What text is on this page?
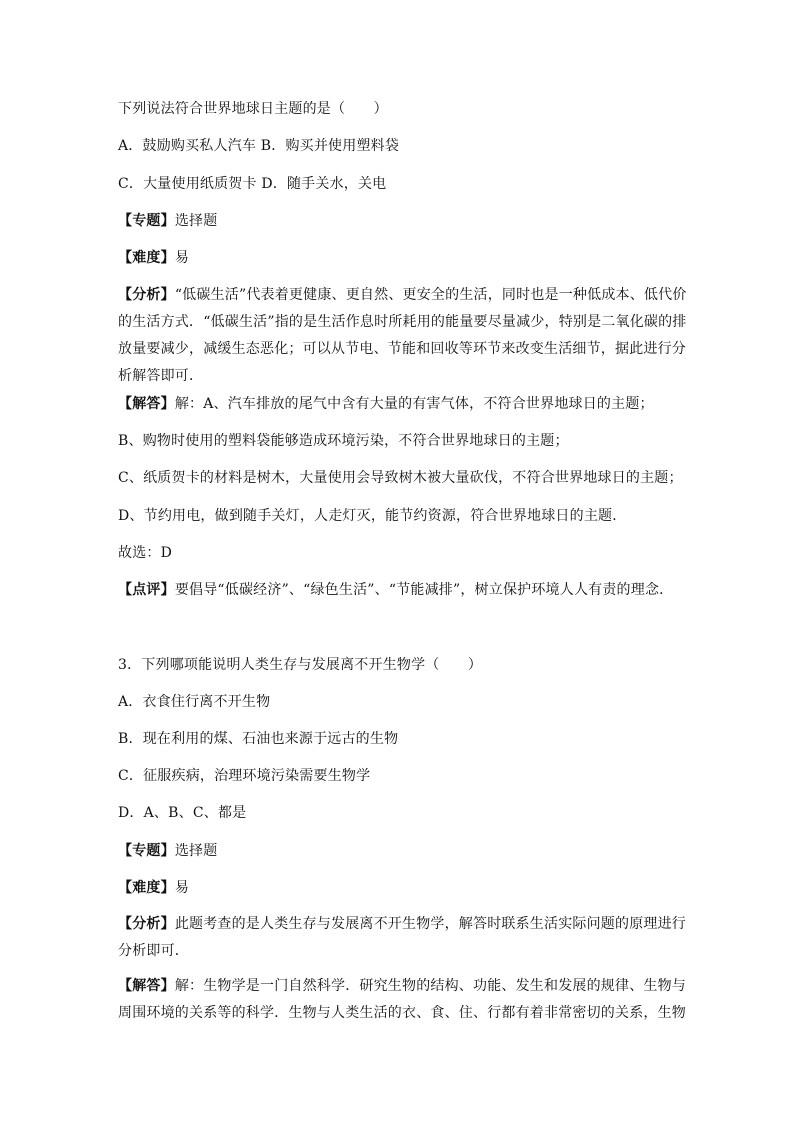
下列说法符合世界地球日主题的是（　　）
A．鼓励购买私人汽车 B．购买并使用塑料袋
C．大量使用纸质贺卡 D．随手关水，关电
【专题】选择题
【难度】易
【分析】“低碳生活”代表着更健康、更自然、更安全的生活，同时也是一种低成本、低代价
的生活方式．“低碳生活”指的是生活作息时所耗用的能量要尽量减少，特别是二氧化碳的排
放量要减少，减缓生态恶化；可以从节电、节能和回收等环节来改变生活细节，据此进行分
析解答即可．
【解答】解：A、汽车排放的尾气中含有大量的有害气体，不符合世界地球日的主题；
B、购物时使用的塑料袋能够造成环境污染，不符合世界地球日的主题；
C、纸质贺卡的材料是树木，大量使用会导致树木被大量砍伐，不符合世界地球日的主题；
D、节约用电，做到随手关灯，人走灯灭，能节约资源，符合世界地球日的主题．
故选：D
【点评】要倡导“低碳经济”、“绿色生活”、“节能减排”，树立保护环境人人有责的理念．
3．下列哪项能说明人类生存与发展离不开生物学（　　）
A．衣食住行离不开生物
B．现在利用的煤、石油也来源于远古的生物
C．征服疾病，治理环境污染需要生物学
D．A、B、C、都是
【专题】选择题
【难度】易
【分析】此题考查的是人类生存与发展离不开生物学，解答时联系生活实际问题的原理进行
分析即可．
【解答】解：生物学是一门自然科学．研究生物的结构、功能、发生和发展的规律、生物与
周围环境的关系等的科学．生物与人类生活的衣、食、住、行都有着非常密切的关系，生物
